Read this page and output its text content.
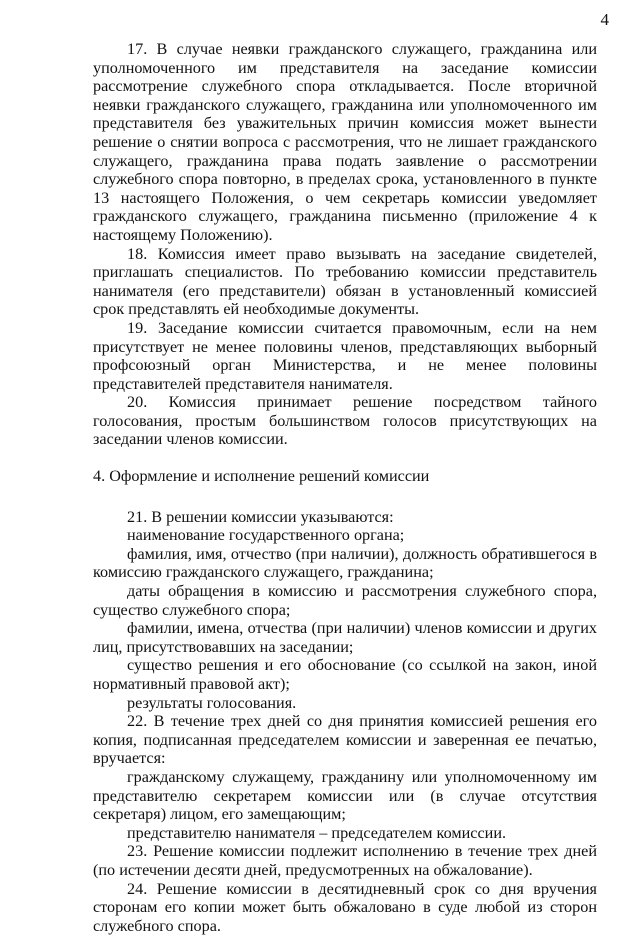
4

17. В случае неявки гражданского служащего, гражданина или уполномоченного им представителя на заседание комиссии рассмотрение служебного спора откладывается. После вторичной неявки гражданского служащего, гражданина или уполномоченного им представителя без уважительных причин комиссия может вынести решение о снятии вопроса с рассмотрения, что не лишает гражданского служащего, гражданина права подать заявление о рассмотрении служебного спора повторно, в пределах срока, установленного в пункте 13 настоящего Положения, о чем секретарь комиссии уведомляет гражданского служащего, гражданина письменно (приложение 4 к настоящему Положению).

18. Комиссия имеет право вызывать на заседание свидетелей, приглашать специалистов. По требованию комиссии представитель нанимателя (его представители) обязан в установленный комиссией срок представлять ей необходимые документы.

19. Заседание комиссии считается правомочным, если на нем присутствует не менее половины членов, представляющих выборный профсоюзный орган Министерства, и не менее половины представителей представителя нанимателя.

20. Комиссия принимает решение посредством тайного голосования, простым большинством голосов присутствующих на заседании членов комиссии.

4. Оформление и исполнение решений комиссии

21. В решении комиссии указываются:

наименование государственного органа;

фамилия, имя, отчество (при наличии), должность обратившегося в комиссию гражданского служащего, гражданина;

даты обращения в комиссию и рассмотрения служебного спора, существо служебного спора;

фамилии, имена, отчества (при наличии) членов комиссии и других лиц, присутствовавших на заседании;

существо решения и его обоснование (со ссылкой на закон, иной нормативный правовой акт);

результаты голосования.

22. В течение трех дней со дня принятия комиссией решения его копия, подписанная председателем комиссии и заверенная ее печатью, вручается:

гражданскому служащему, гражданину или уполномоченному им представителю секретарем комиссии или (в случае отсутствия секретаря) лицом, его замещающим;

представителю нанимателя – председателем комиссии.

23. Решение комиссии подлежит исполнению в течение трех дней (по истечении десяти дней, предусмотренных на обжалование).

24. Решение комиссии в десятидневный срок со дня вручения сторонам его копии может быть обжаловано в суде любой из сторон служебного спора.
